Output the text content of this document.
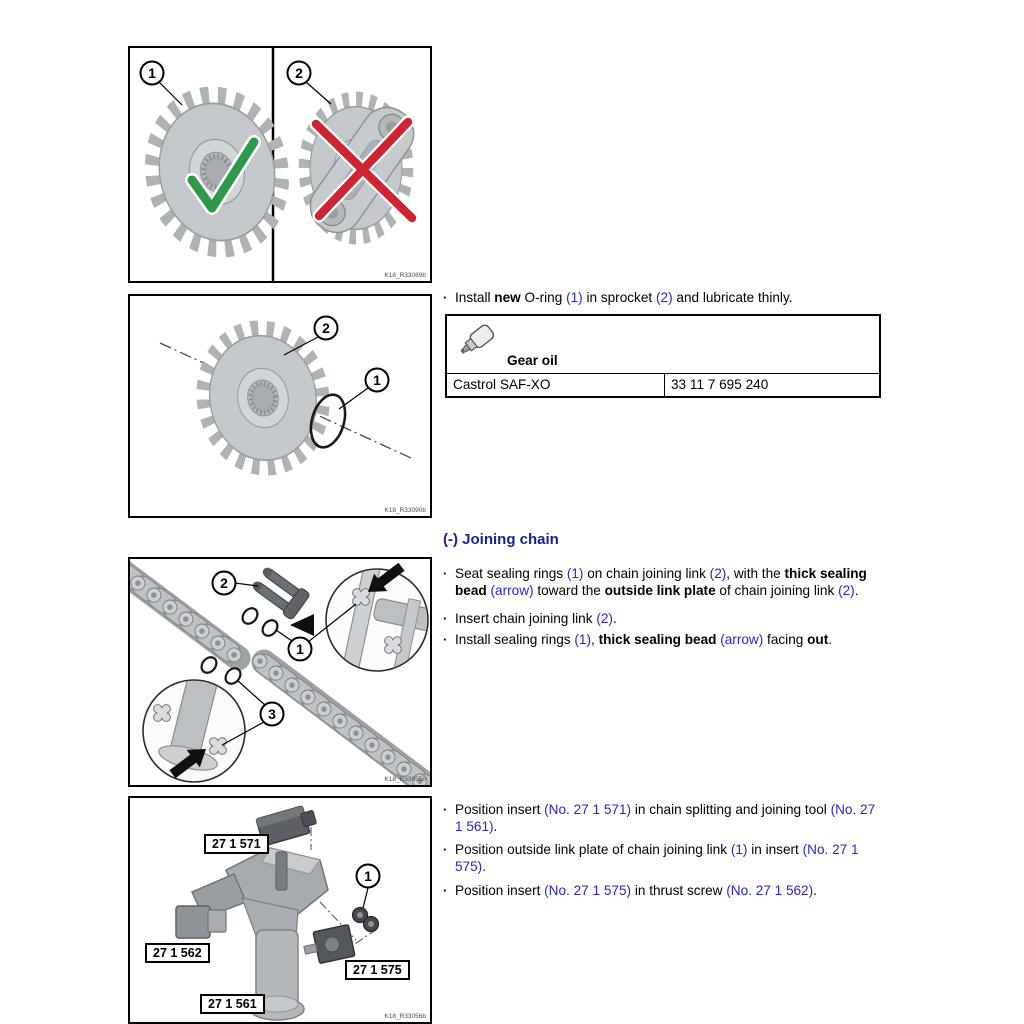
1	2
K18_R33089b
2
1
K18_R33090b
2
1
3
K18_R33055b
1
27 1 571
27 1 562
27 1 575
27 1 561
K18_R33056b
· Install new O-ring (1) in sprocket (2) and lubricate thinly.
Gear oil
Castrol SAF-XO	33 11 7 695 240
(-) Joining chain
· Seat sealing rings (1) on chain joining link (2), with the thick sealing
bead (arrow) toward the outside link plate of chain joining link (2).
· Insert chain joining link (2).
· Install sealing rings (1), thick sealing bead (arrow) facing out.
· Position insert (No. 27 1 571) in chain splitting and joining tool (No. 27
1 561).
· Position outside link plate of chain joining link (1) in insert (No. 27 1
575).
· Position insert (No. 27 1 575) in thrust screw (No. 27 1 562).
